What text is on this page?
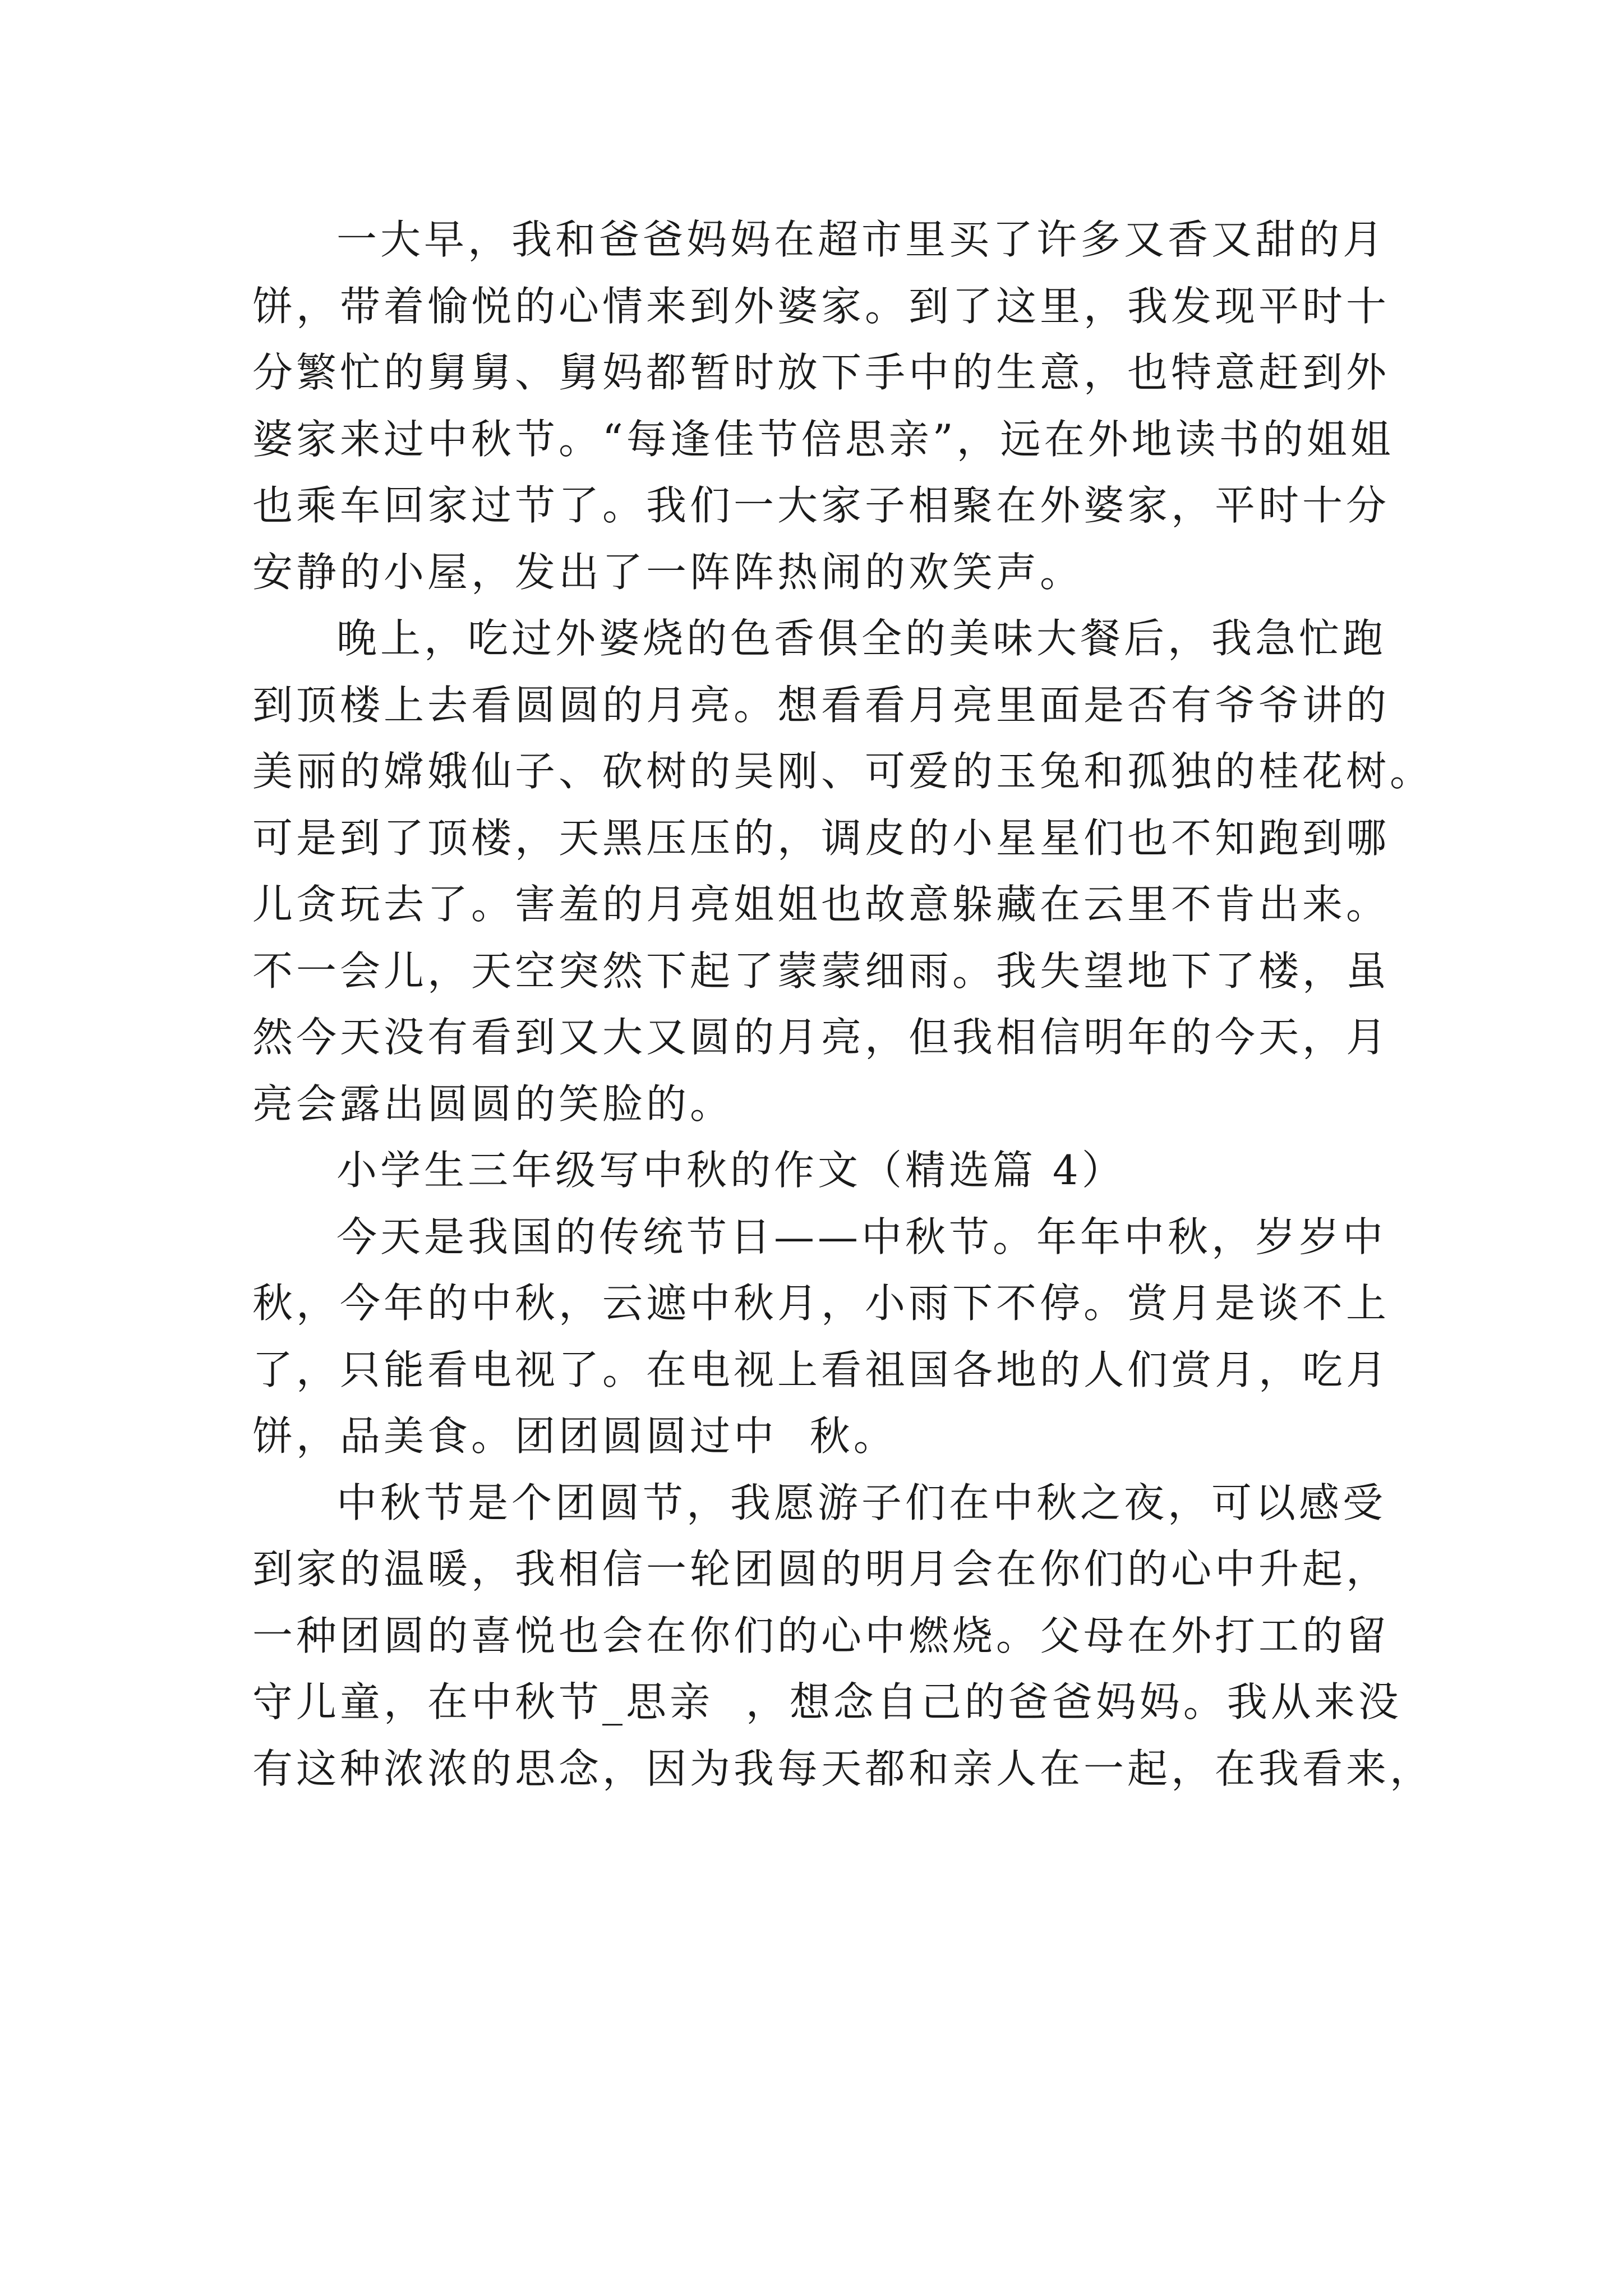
一大早，我和爸爸妈妈在超市里买了许多又香又甜的月
饼，带着愉悦的心情来到外婆家。到了这里，我发现平时十
分繁忙的舅舅、舅妈都暂时放下手中的生意，也特意赶到外
婆家来过中秋节。“每逢佳节倍思亲”，远在外地读书的姐姐
也乘车回家过节了。我们一大家子相聚在外婆家，平时十分
安静的小屋，发出了一阵阵热闹的欢笑声。

晚上，吃过外婆烧的色香俱全的美味大餐后，我急忙跑
到顶楼上去看圆圆的月亮。想看看月亮里面是否有爷爷讲的
美丽的嫦娥仙子、砍树的吴刚、可爱的玉兔和孤独的桂花树。
可是到了顶楼，天黑压压的，调皮的小星星们也不知跑到哪
儿贪玩去了。害羞的月亮姐姐也故意躲藏在云里不肯出来。
不一会儿，天空突然下起了蒙蒙细雨。我失望地下了楼，虽
然今天没有看到又大又圆的月亮，但我相信明年的今天，月
亮会露出圆圆的笑脸的。

小学生三年级写中秋的作文（精选篇 4）

今天是我国的传统节日——中秋节。年年中秋，岁岁中
秋，今年的中秋，云遮中秋月，小雨下不停。赏月是谈不上
了，只能看电视了。在电视上看祖国各地的人们赏月，吃月
饼，品美食。团团圆圆过中  秋。

中秋节是个团圆节，我愿游子们在中秋之夜，可以感受
到家的温暖，我相信一轮团圆的明月会在你们的心中升起，
一种团圆的喜悦也会在你们的心中燃烧。父母在外打工的留
守儿童，在中秋节_思亲  ，想念自己的爸爸妈妈。我从来没
有这种浓浓的思念，因为我每天都和亲人在一起，在我看来，
